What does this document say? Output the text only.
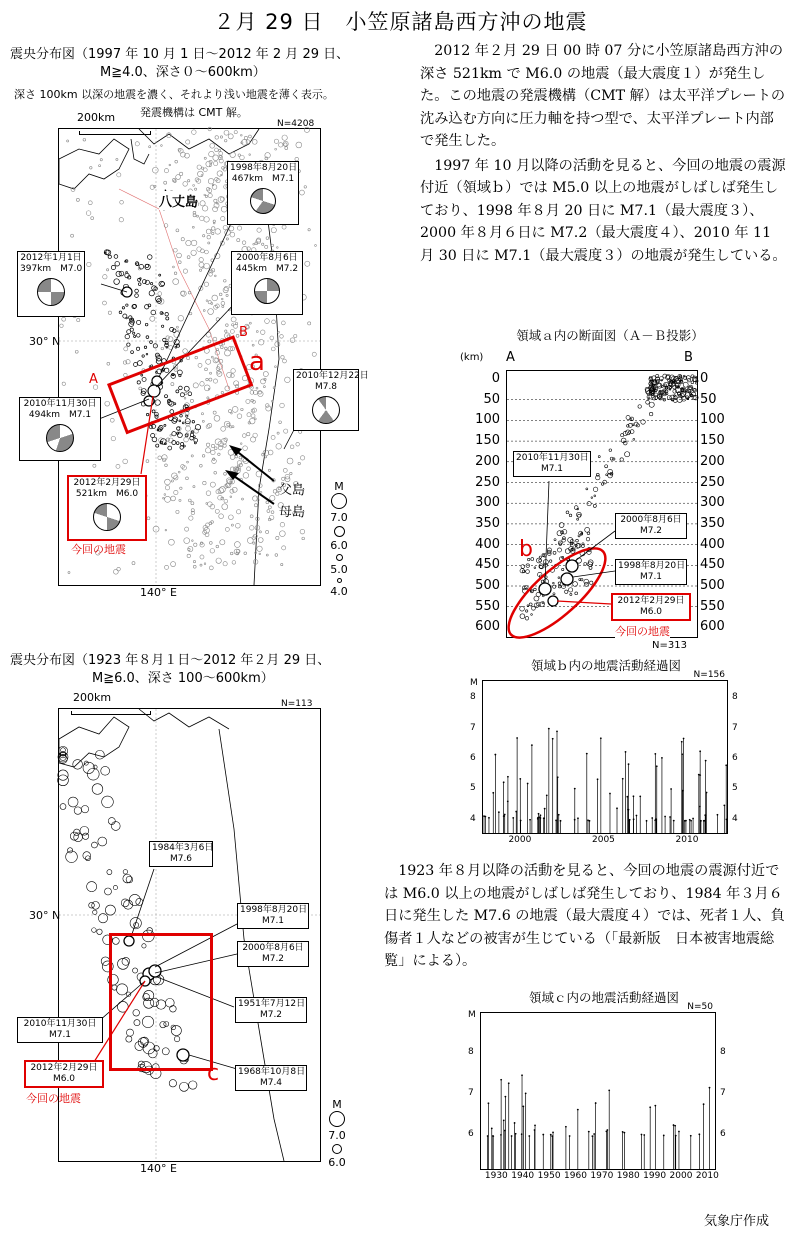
２月 29 日　小笠原諸島西方沖の地震
震央分布図（1997 年 10 月 1 日～2012 年 2 月 29 日、
M≧4.0、深さ０～600km）
深さ 100km 以深の地震を濃く、それより浅い地震を薄く表示。
発震機構は CMT 解。
200km	N=4208
八丈島
父島
母島
30° N
a
A
B
1998年8月20日
467km　M7.1
2012年1月1日
397km　M7.0
2000年8月6日
445km　M7.2
2010年12月22日
M7.8
2010年11月30日
494km　M7.1
2012年2月29日
521km　M6.0
今回の地震
140° E
M
7.0
6.0
5.0
4.0

2012 年２月 29 日 00 時 07 分に小笠原諸島西方沖の深さ 521km で M6.0 の地震（最大震度１）が発生した。この地震の発震機構（CMT 解）は太平洋プレートの沈み込む方向に圧力軸を持つ型で、太平洋プレート内部で発生した。

1997 年 10 月以降の活動を見ると、今回の地震の震源付近（領域ｂ）では M5.0 以上の地震がしばしば発生しており、1998 年８月 20 日に M7.1（最大震度３）、2000 年８月６日に M7.2（最大震度４）、2010 年 11 月 30 日に M7.1（最大震度３）の地震が発生している。

領域ａ内の断面図（Ａ－Ｂ投影）
(km) A	B
2010年11月30日
M7.1
2000年8月6日
M7.2
1998年8月20日
M7.1
2012年2月29日
M6.0
今回の地震
b
0
50
100
150
200
250
300
350
400
450
500
550
600
0
50
100
150
200
250
300
350
400
450
500
550
600
N=313
領域ｂ内の地震活動経過図
N=156
4	4
5	5
6	6
7	7
8	8
2000	2005	2010
M
震央分布図（1923 年８月１日～2012 年２月 29 日、
M≧6.0、深さ 100～600km）
200km	N=113
c
30° N
1984年3月6日
M7.6
1998年8月20日
M7.1
2000年8月6日
M7.2
1951年7月12日
M7.2
2010年11月30日
M7.1
1968年10月8日
M7.4
2012年2月29日
M6.0
今回の地震
140° E
M
7.0
6.0

1923 年８月以降の活動を見ると、今回の地震の震源付近では M6.0 以上の地震がしばしば発生しており、1984 年３月６日に発生した M7.6 の地震（最大震度４）では、死者１人、負傷者１人などの被害が生じている（「最新版　日本被害地震総覧」による）。

領域ｃ内の地震活動経過図
N=50
6	6
7	7
8	8
1930 1940 1950 1960 1970 1980 1990 2000 2010
M
気象庁作成
